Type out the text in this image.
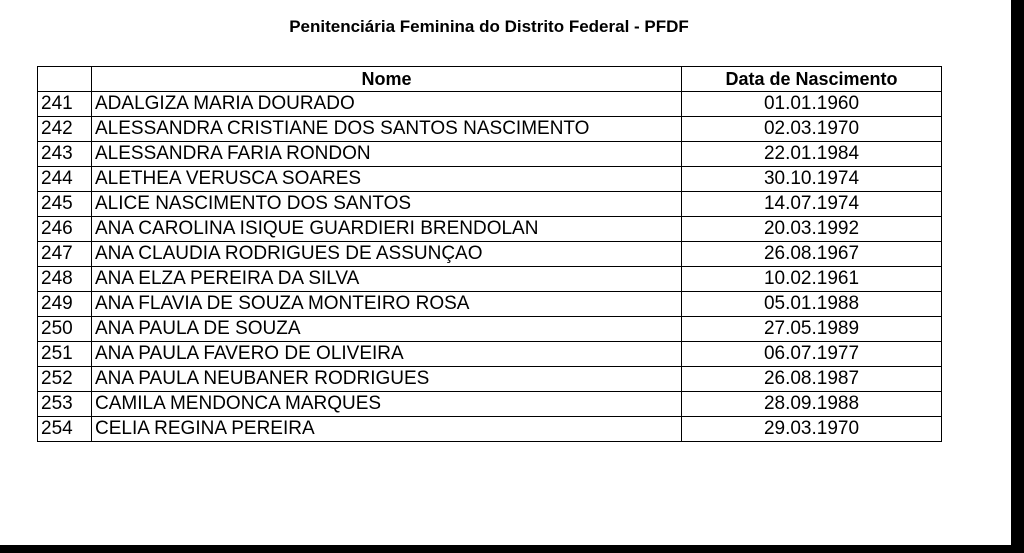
Penitenciária Feminina do Distrito Federal - PFDF
	Nome	Data de Nascimento
241	ADALGIZA MARIA DOURADO	01.01.1960
242	ALESSANDRA CRISTIANE DOS SANTOS NASCIMENTO	02.03.1970
243	ALESSANDRA FARIA RONDON	22.01.1984
244	ALETHEA VERUSCA SOARES	30.10.1974
245	ALICE NASCIMENTO DOS SANTOS	14.07.1974
246	ANA CAROLINA ISIQUE GUARDIERI BRENDOLAN	20.03.1992
247	ANA CLAUDIA RODRIGUES DE ASSUNÇAO	26.08.1967
248	ANA ELZA PEREIRA DA SILVA	10.02.1961
249	ANA FLAVIA DE SOUZA MONTEIRO ROSA	05.01.1988
250	ANA PAULA DE SOUZA	27.05.1989
251	ANA PAULA FAVERO DE OLIVEIRA	06.07.1977
252	ANA PAULA NEUBANER RODRIGUES	26.08.1987
253	CAMILA MENDONCA MARQUES	28.09.1988
254	CELIA REGINA PEREIRA	29.03.1970
